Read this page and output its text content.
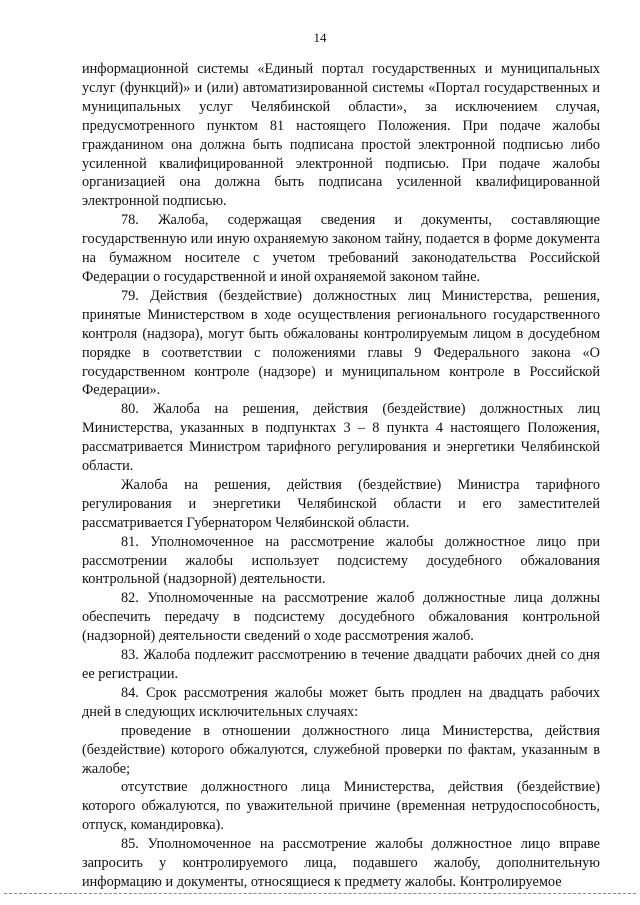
14

информационной системы «Единый портал государственных и муниципальных услуг (функций)» и (или) автоматизированной системы «Портал государственных и муниципальных услуг Челябинской области», за исключением случая, предусмотренного пунктом 81 настоящего Положения. При подаче жалобы гражданином она должна быть подписана простой электронной подписью либо усиленной квалифицированной электронной подписью. При подаче жалобы организацией она должна быть подписана усиленной квалифицированной электронной подписью.

78. Жалоба, содержащая сведения и документы, составляющие государственную или иную охраняемую законом тайну, подается в форме документа на бумажном носителе с учетом требований законодательства Российской Федерации о государственной и иной охраняемой законом тайне.

79. Действия (бездействие) должностных лиц Министерства, решения, принятые Министерством в ходе осуществления регионального государственного контроля (надзора), могут быть обжалованы контролируемым лицом в досудебном порядке в соответствии с положениями главы 9 Федерального закона «О государственном контроле (надзоре) и муниципальном контроле в Российской Федерации».

80. Жалоба на решения, действия (бездействие) должностных лиц Министерства, указанных в подпунктах 3 – 8 пункта 4 настоящего Положения, рассматривается Министром тарифного регулирования и энергетики Челябинской области.

Жалоба на решения, действия (бездействие) Министра тарифного регулирования и энергетики Челябинской области и его заместителей рассматривается Губернатором Челябинской области.

81. Уполномоченное на рассмотрение жалобы должностное лицо при рассмотрении жалобы использует подсистему досудебного обжалования контрольной (надзорной) деятельности.

82. Уполномоченные на рассмотрение жалоб должностные лица должны обеспечить передачу в подсистему досудебного обжалования контрольной (надзорной) деятельности сведений о ходе рассмотрения жалоб.

83. Жалоба подлежит рассмотрению в течение двадцати рабочих дней со дня ее регистрации.

84. Срок рассмотрения жалобы может быть продлен на двадцать рабочих дней в следующих исключительных случаях:

проведение в отношении должностного лица Министерства, действия (бездействие) которого обжалуются, служебной проверки по фактам, указанным в жалобе;

отсутствие должностного лица Министерства, действия (бездействие) которого обжалуются, по уважительной причине (временная нетрудоспособность, отпуск, командировка).

85. Уполномоченное на рассмотрение жалобы должностное лицо вправе запросить у контролируемого лица, подавшего жалобу, дополнительную информацию и документы, относящиеся к предмету жалобы. Контролируемое
